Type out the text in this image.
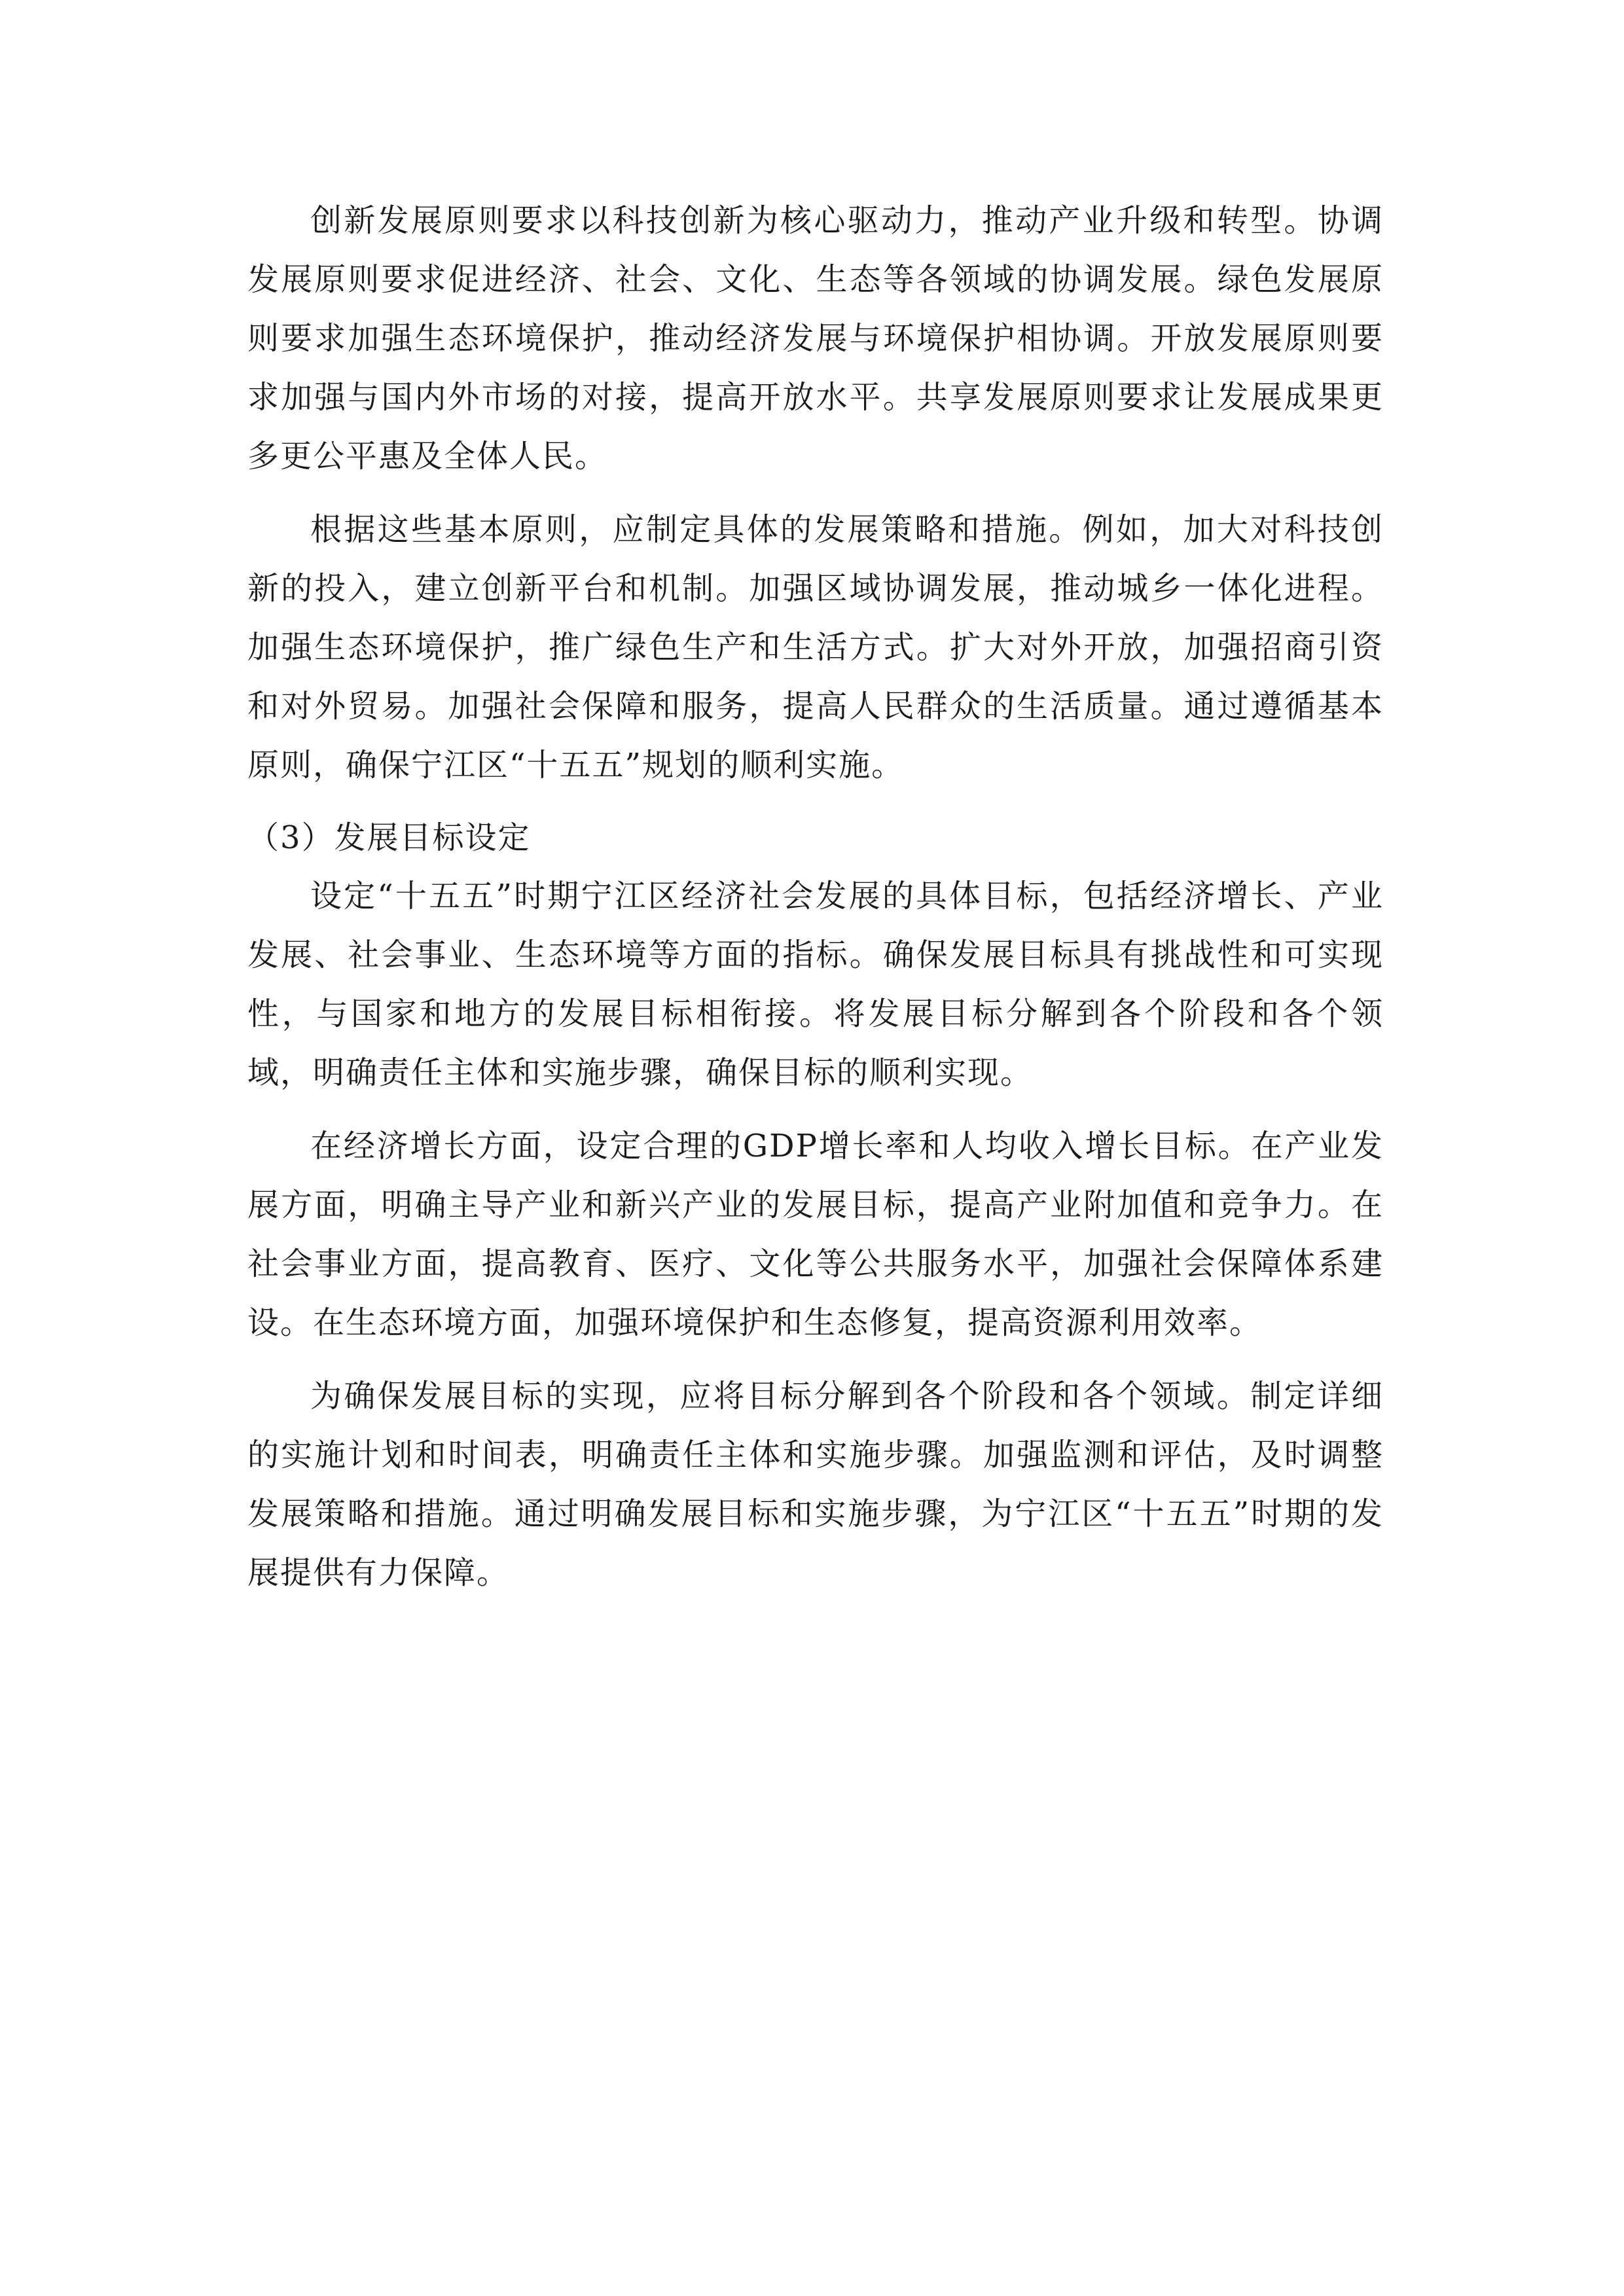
创新发展原则要求以科技创新为核心驱动力，推动产业升级和转型。协调发展原则要求促进经济、社会、文化、生态等各领域的协调发展。绿色发展原则要求加强生态环境保护，推动经济发展与环境保护相协调。开放发展原则要求加强与国内外市场的对接，提高开放水平。共享发展原则要求让发展成果更多更公平惠及全体人民。

根据这些基本原则，应制定具体的发展策略和措施。例如，加大对科技创新的投入，建立创新平台和机制。加强区域协调发展，推动城乡一体化进程。加强生态环境保护，推广绿色生产和生活方式。扩大对外开放，加强招商引资和对外贸易。加强社会保障和服务，提高人民群众的生活质量。通过遵循基本原则，确保宁江区“十五五”规划的顺利实施。

（3）发展目标设定

设定“十五五”时期宁江区经济社会发展的具体目标，包括经济增长、产业发展、社会事业、生态环境等方面的指标。确保发展目标具有挑战性和可实现性，与国家和地方的发展目标相衔接。将发展目标分解到各个阶段和各个领域，明确责任主体和实施步骤，确保目标的顺利实现。

在经济增长方面，设定合理的GDP增长率和人均收入增长目标。在产业发展方面，明确主导产业和新兴产业的发展目标，提高产业附加值和竞争力。在社会事业方面，提高教育、医疗、文化等公共服务水平，加强社会保障体系建设。在生态环境方面，加强环境保护和生态修复，提高资源利用效率。

为确保发展目标的实现，应将目标分解到各个阶段和各个领域。制定详细的实施计划和时间表，明确责任主体和实施步骤。加强监测和评估，及时调整发展策略和措施。通过明确发展目标和实施步骤，为宁江区“十五五”时期的发展提供有力保障。
